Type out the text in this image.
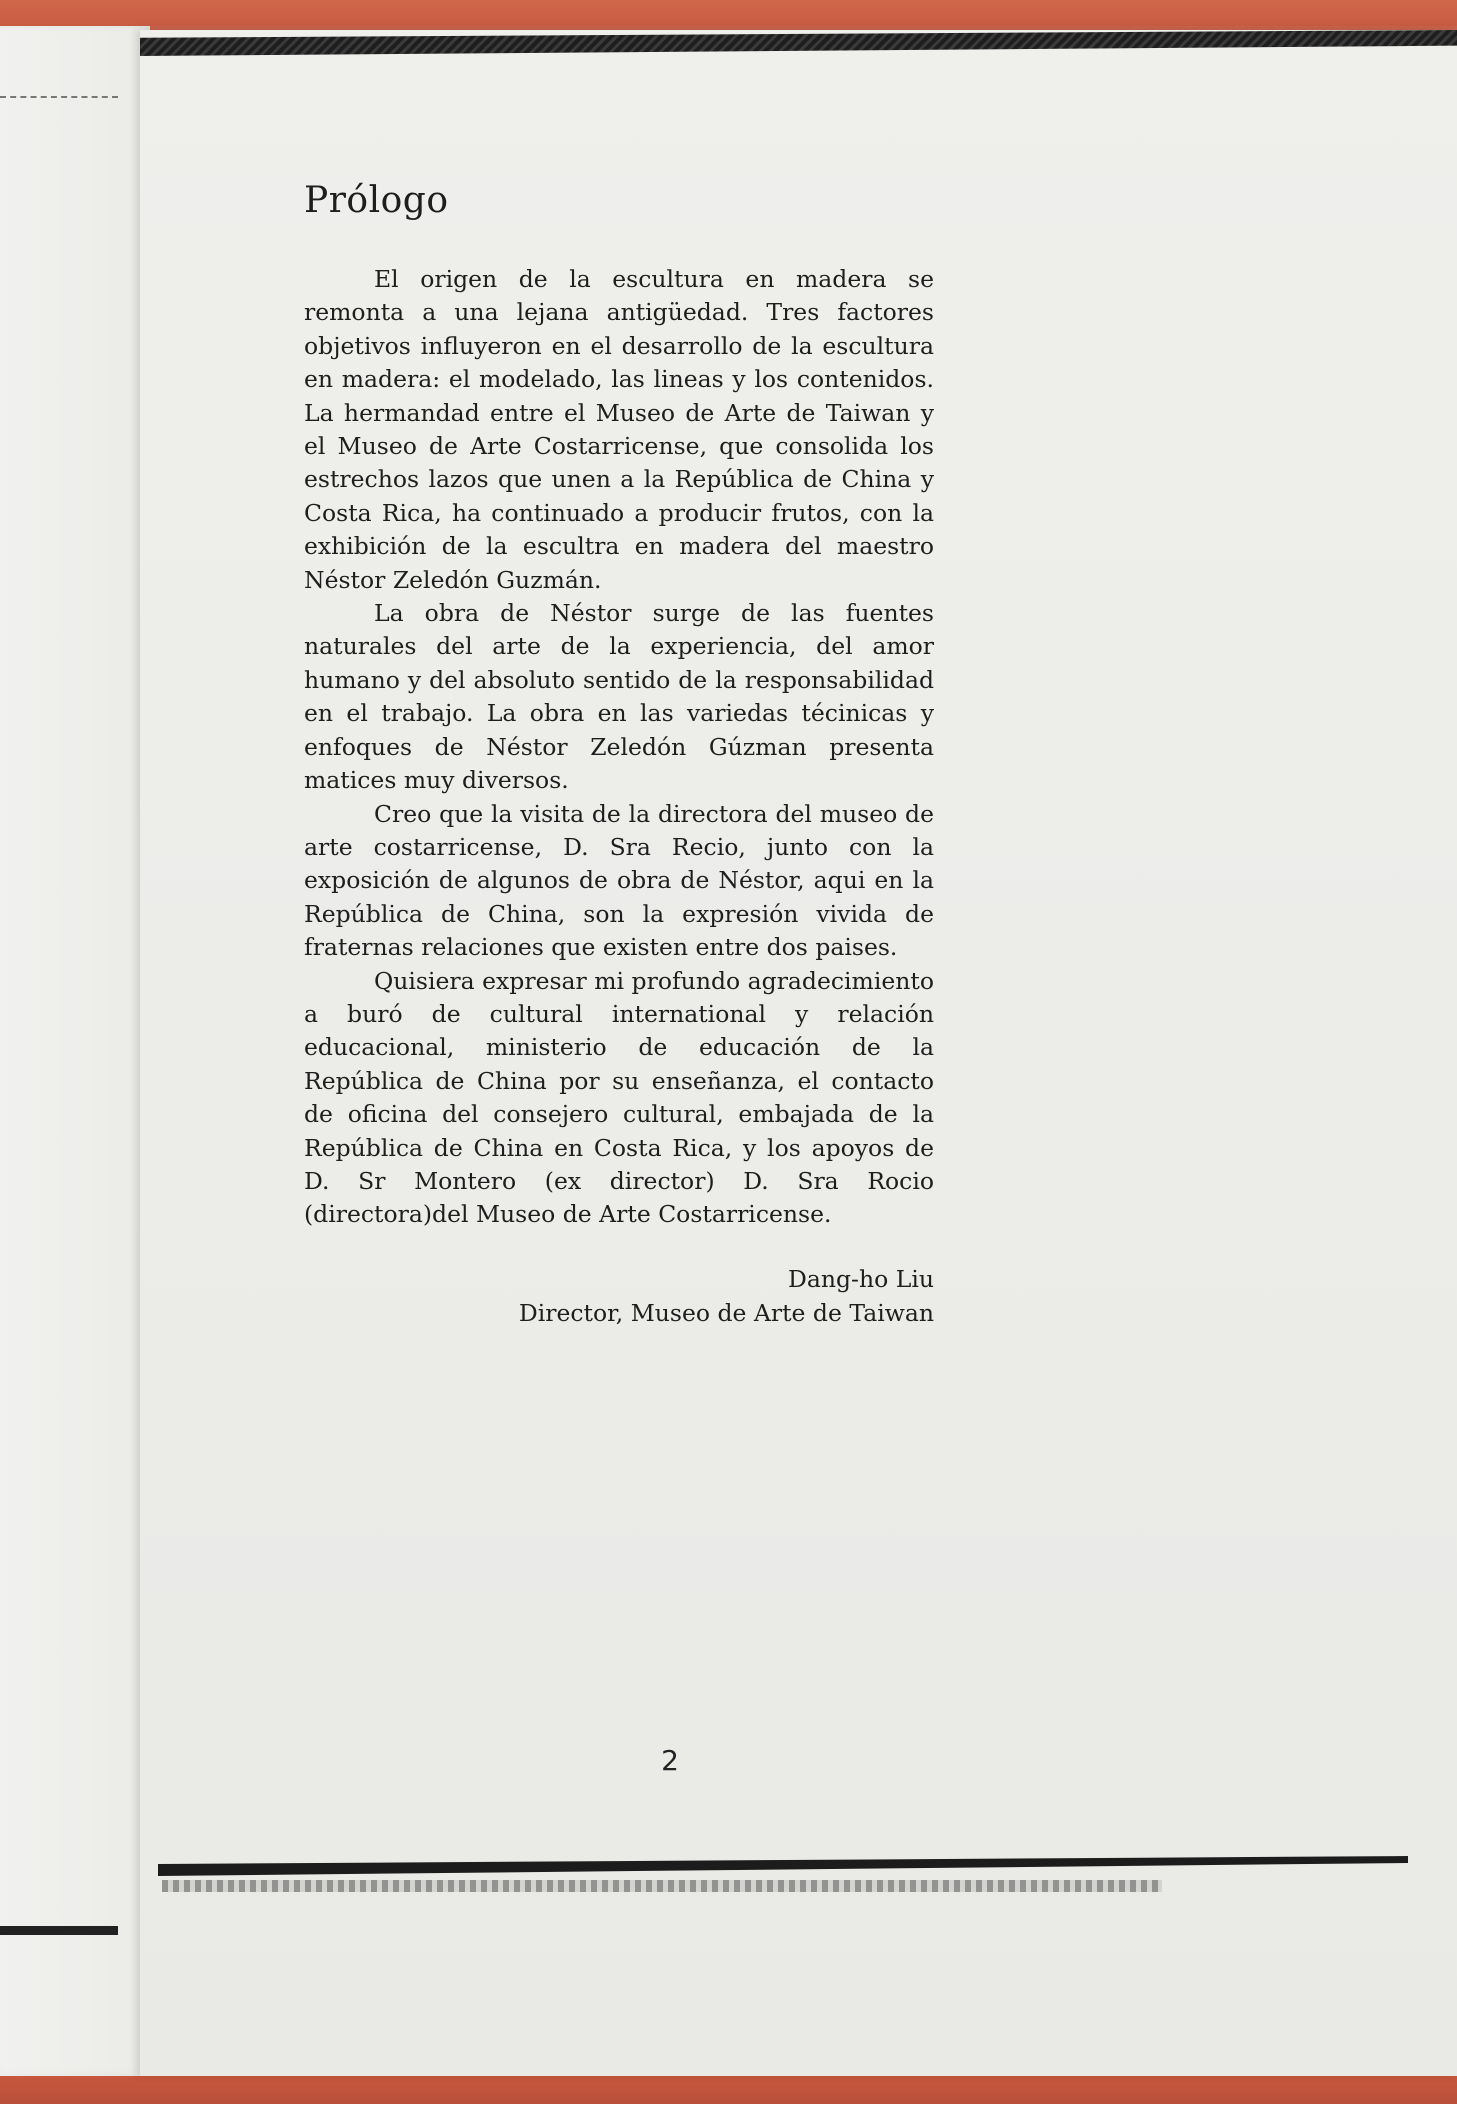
Prólogo

El origen de la escultura en madera se remonta a una lejana antigüedad. Tres factores objetivos influyeron en el desarrollo de la escultura en madera: el modelado, las lineas y los contenidos. La hermandad entre el Museo de Arte de Taiwan y el Museo de Arte Costarricense, que consolida los estrechos lazos que unen a la República de China y Costa Rica, ha continuado a producir frutos, con la exhibición de la escultra en madera del maestro Néstor Zeledón Guzmán.

La obra de Néstor surge de las fuentes naturales del arte de la experiencia, del amor humano y del absoluto sentido de la responsabilidad en el trabajo. La obra en las variedas técinicas y enfoques de Néstor Zeledón Gúzman presenta matices muy diversos.

Creo que la visita de la directora del museo de arte costarricense, D. Sra Recio, junto con la exposición de algunos de obra de Néstor, aqui en la República de China, son la expresión vivida de fraternas relaciones que existen entre dos paises.

Quisiera expresar mi profundo agradecimiento a buró de cultural international y relación educacional, ministerio de educación de la República de China por su enseñanza, el contacto de oficina del consejero cultural, embajada de la República de China en Costa Rica, y los apoyos de D. Sr Montero (ex director) D. Sra Rocio (directora)del Museo de Arte Costarricense.

Dang-ho Liu
Director, Museo de Arte de Taiwan
2
